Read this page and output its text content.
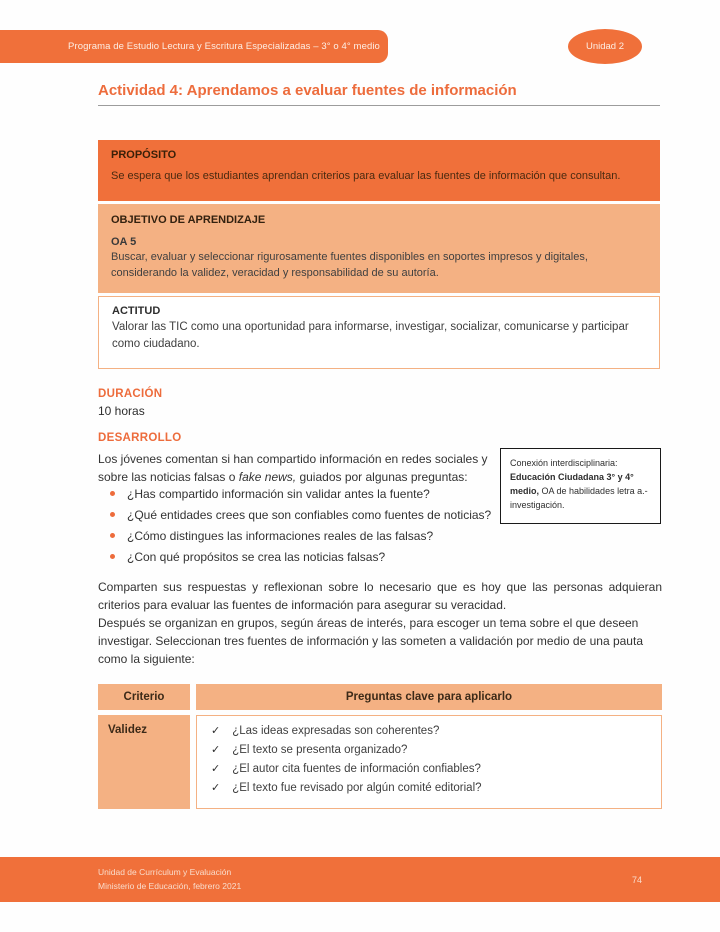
Programa de Estudio Lectura y Escritura Especializadas – 3° o 4° medio	Unidad 2
Actividad 4: Aprendamos a evaluar fuentes de información
PROPÓSITO
Se espera que los estudiantes aprendan criterios para evaluar las fuentes de información que consultan.
OBJETIVO DE APRENDIZAJE
OA 5
Buscar, evaluar y seleccionar rigurosamente fuentes disponibles en soportes impresos y digitales, considerando la validez, veracidad y responsabilidad de su autoría.
ACTITUD
Valorar las TIC como una oportunidad para informarse, investigar, socializar, comunicarse y participar como ciudadano.
DURACIÓN
10 horas
DESARROLLO

Los jóvenes comentan si han compartido información en redes sociales y sobre las noticias falsas o fake news, guiados por algunas preguntas:

¿Has compartido información sin validar antes la fuente?
¿Qué entidades crees que son confiables como fuentes de noticias?
¿Cómo distingues las informaciones reales de las falsas?
¿Con qué propósitos se crea las noticias falsas?
Conexión interdisciplinaria: Educación Ciudadana 3° y 4° medio, OA de habilidades letra a.- investigación.

Comparten sus respuestas y reflexionan sobre lo necesario que es hoy que las personas adquieran criterios para evaluar las fuentes de información para asegurar su veracidad.

Después se organizan en grupos, según áreas de interés, para escoger un tema sobre el que deseen investigar. Seleccionan tres fuentes de información y las someten a validación por medio de una pauta como la siguiente:

Criterio	Preguntas clave para aplicarlo
Validez	✓ ¿Las ideas expresadas son coherentes?
✓ ¿El texto se presenta organizado?
✓ ¿El autor cita fuentes de información confiables?
✓ ¿El texto fue revisado por algún comité editorial?
Unidad de Currículum y Evaluación
Ministerio de Educación, febrero 2021
74
